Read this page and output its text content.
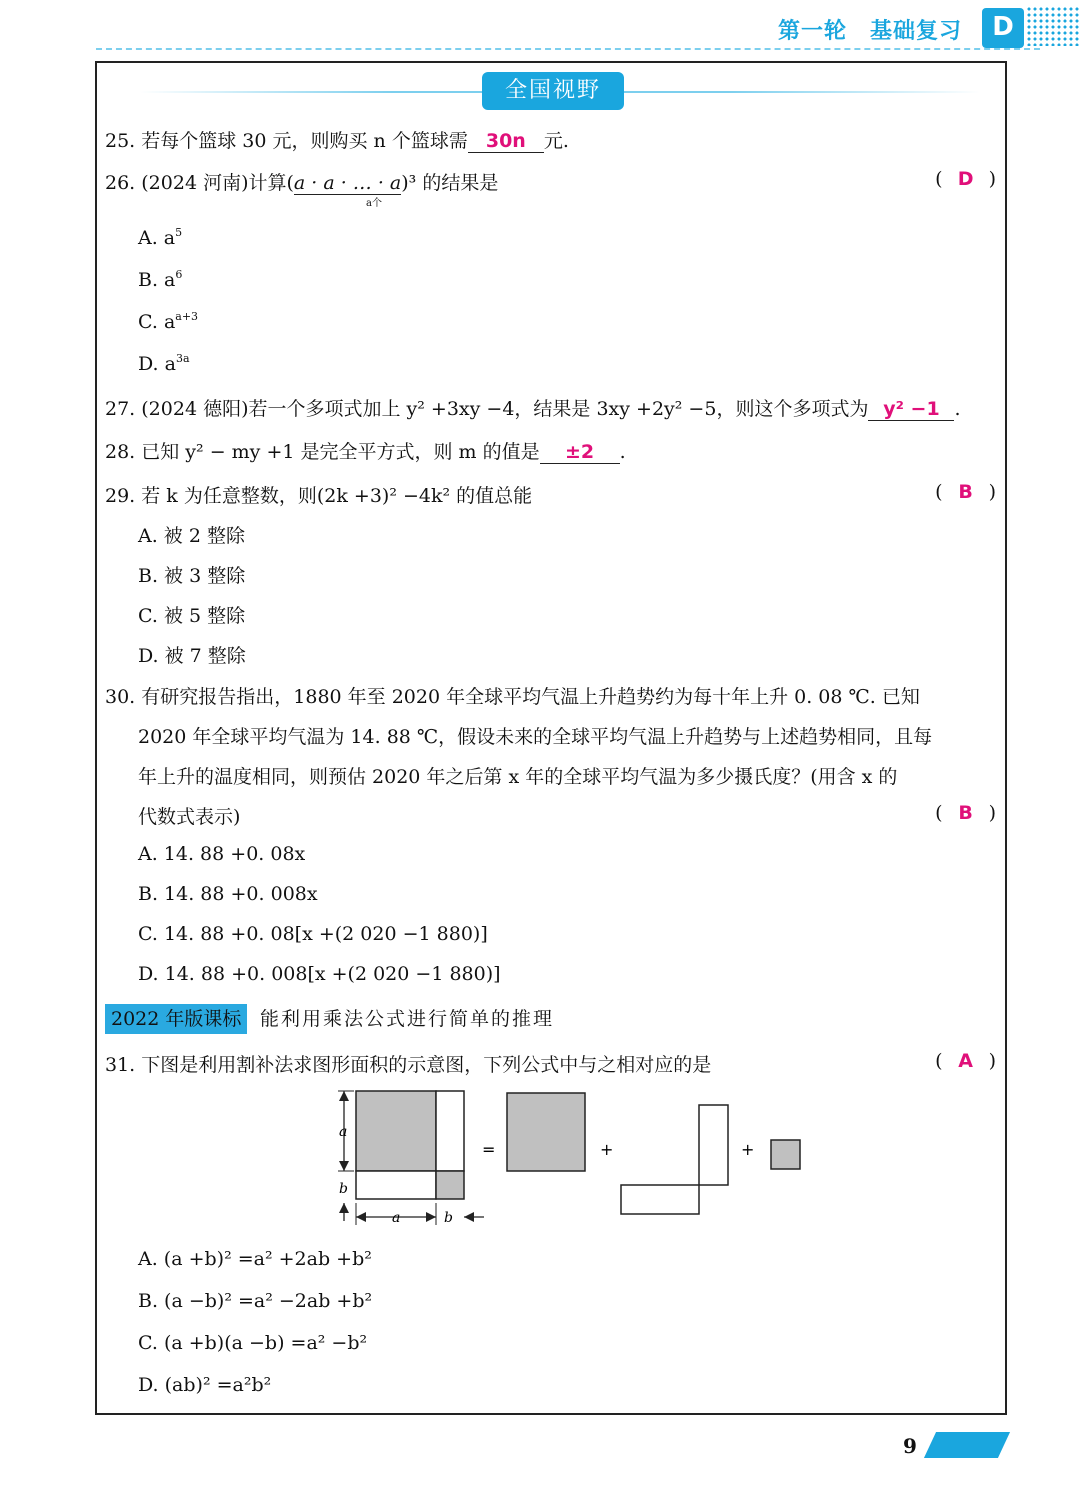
第一轮　基础复习	D
全国视野
25. 若每个篮球 30 元，则购买 n 个篮球需 30n 元.
26. (2024 河南)计算(a · a · … · a)³ 的结果是
a个
( D )
A. $a^5$
B. $a^6$
C. $a^{a+3}$
D. $a^{3a}$
27. (2024 德阳)若一个多项式加上 y² +3xy −4，结果是 3xy +2y² −5，则这个多项式为 y² −1 .
28. 已知 y² − my +1 是完全平方式，则 m 的值是 ±2 .
29. 若 k 为任意整数，则(2k +3)² −4k² 的值总能	( B )
A. 被 2 整除
B. 被 3 整除
C. 被 5 整除
D. 被 7 整除
30. 有研究报告指出，1880 年至 2020 年全球平均气温上升趋势约为每十年上升 0. 08 ℃. 已知
2020 年全球平均气温为 14. 88 ℃，假设未来的全球平均气温上升趋势与上述趋势相同，且每
年上升的温度相同，则预估 2020 年之后第 x 年的全球平均气温为多少摄氏度？(用含 x 的
代数式表示)	( B )
A. 14. 88 +0. 08x
B. 14. 88 +0. 008x
C. 14. 88 +0. 08[x +(2 020 −1 880)]
D. 14. 88 +0. 008[x +(2 020 −1 880)]
2022 年版课标 能利用乘法公式进行简单的推理
31. 下图是利用割补法求图形面积的示意图，下列公式中与之相对应的是	( A )
a
b
a	b
=	+	+
A. (a +b)² =a² +2ab +b²
B. (a −b)² =a² −2ab +b²
C. (a +b)(a −b) =a² −b²
D. (ab)² =a²b²
9
